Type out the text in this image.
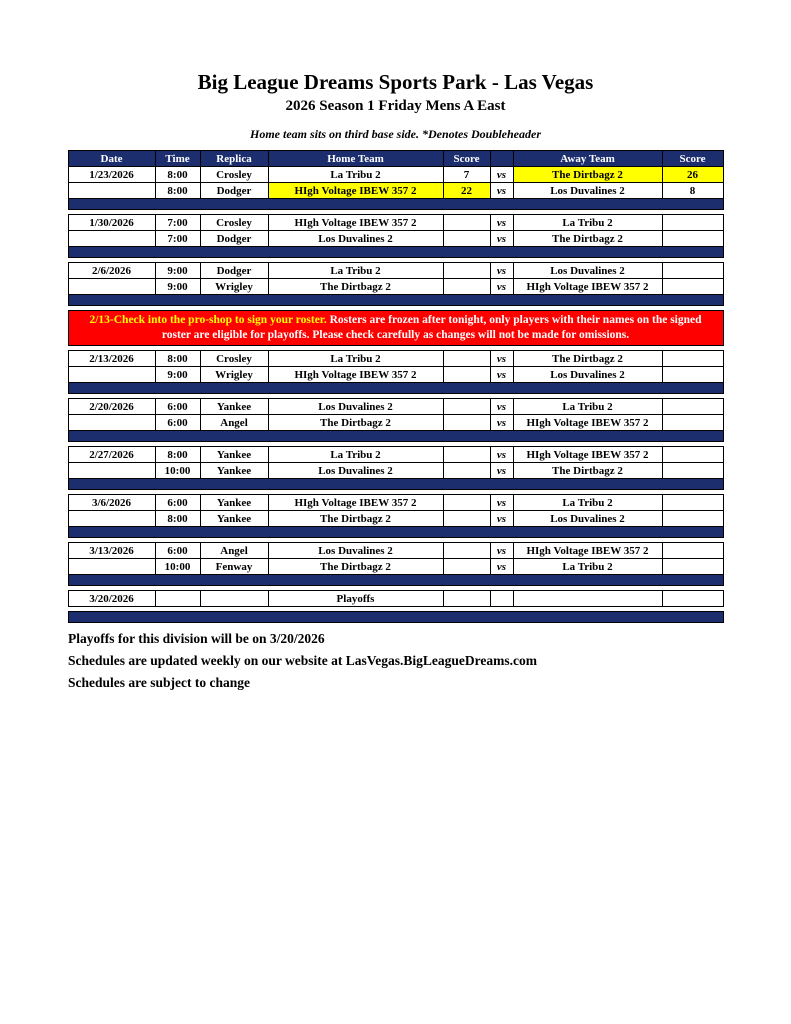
Big League Dreams Sports Park - Las Vegas
2026 Season 1 Friday Mens A East
Home team sits on third base side. *Denotes Doubleheader
Date	Time	Replica	Home Team	Score		Away Team	Score
1/23/2026	8:00	Crosley	La Tribu 2	7	vs	The Dirtbagz 2	26
	8:00	Dodger	HIgh Voltage IBEW 357 2	22	vs	Los Duvalines 2	8

1/30/2026	7:00	Crosley	HIgh Voltage IBEW 357 2		vs	La Tribu 2	
	7:00	Dodger	Los Duvalines 2		vs	The Dirtbagz 2	

2/6/2026	9:00	Dodger	La Tribu 2		vs	Los Duvalines 2	
	9:00	Wrigley	The Dirtbagz 2		vs	HIgh Voltage IBEW 357 2	

2/13-Check into the pro-shop to sign your roster. Rosters are frozen after tonight, only players with their names on the signed roster are eligible for playoffs. Please check carefully as changes will not be made for omissions.							

2/13/2026	8:00	Crosley	La Tribu 2		vs	The Dirtbagz 2	
	9:00	Wrigley	HIgh Voltage IBEW 357 2		vs	Los Duvalines 2	

2/20/2026	6:00	Yankee	Los Duvalines 2		vs	La Tribu 2	
	6:00	Angel	The Dirtbagz 2		vs	HIgh Voltage IBEW 357 2	

2/27/2026	8:00	Yankee	La Tribu 2		vs	HIgh Voltage IBEW 357 2	
	10:00	Yankee	Los Duvalines 2		vs	The Dirtbagz 2	

3/6/2026	6:00	Yankee	HIgh Voltage IBEW 357 2		vs	La Tribu 2	
	8:00	Yankee	The Dirtbagz 2		vs	Los Duvalines 2	

3/13/2026	6:00	Angel	Los Duvalines 2		vs	HIgh Voltage IBEW 357 2	
	10:00	Fenway	The Dirtbagz 2		vs	La Tribu 2	

3/20/2026			Playoffs				

Playoffs for this division will be on 3/20/2026
Schedules are updated weekly on our website at LasVegas.BigLeagueDreams.com
Schedules are subject to change
